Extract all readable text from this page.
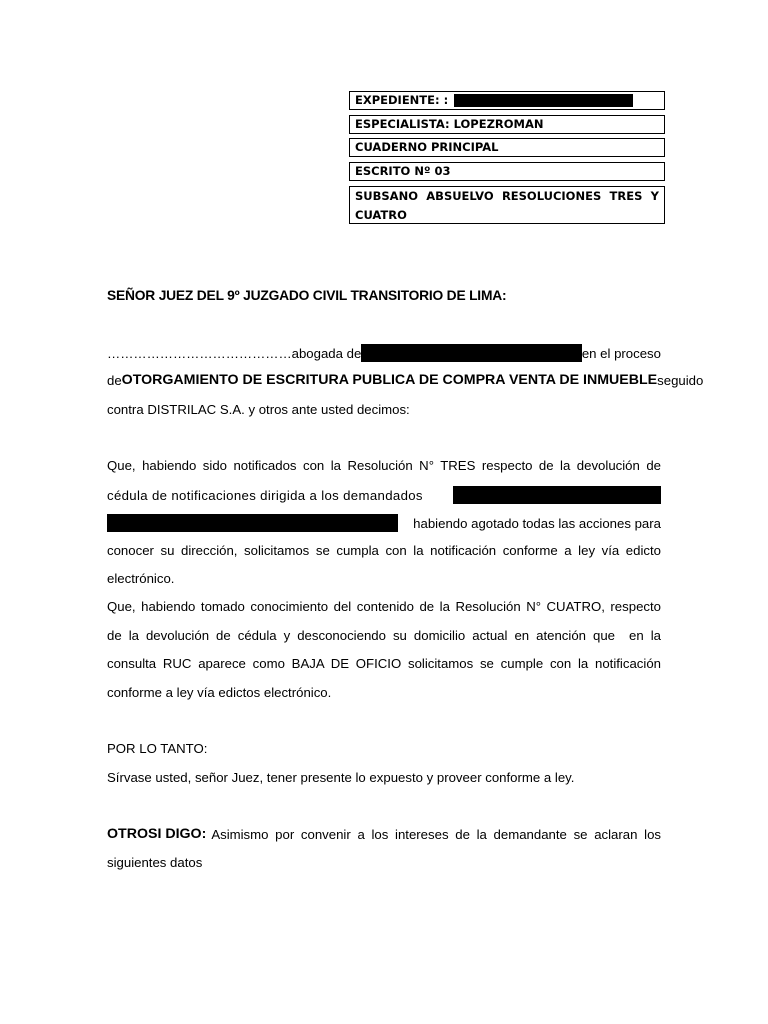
EXPEDIENTE: :
ESPECIALISTA: LOPEZROMAN
CUADERNO PRINCIPAL
ESCRITO Nº 03
SUBSANO ABSUELVO RESOLUCIONES TRES Y CUATRO
SEÑOR JUEZ DEL 9º JUZGADO CIVIL TRANSITORIO DE LIMA:
……………………………………abogada de	en el proceso
de OTORGAMIENTO DE ESCRITURA PUBLICA DE COMPRA VENTA DE INMUEBLE seguido
contra DISTRILAC S.A. y otros ante usted decimos:
Que, habiendo sido notificados con la Resolución N° TRES respecto de la devolución de
cédula de notificaciones dirigida a los demandados
habiendo agotado todas las acciones para
conocer su dirección, solicitamos se cumpla con la notificación conforme a ley vía edicto
electrónico.
Que, habiendo tomado conocimiento del contenido de la Resolución N° CUATRO, respecto
de la devolución de cédula y desconociendo su domicilio actual en atención que  en la
consulta RUC aparece como BAJA DE OFICIO solicitamos se cumple con la notificación
conforme a ley vía edictos electrónico.
POR LO TANTO:
Sírvase usted, señor Juez, tener presente lo expuesto y proveer conforme a ley.
OTROSI DIGO: Asimismo por convenir a los intereses de la demandante se aclaran los
siguientes datos
